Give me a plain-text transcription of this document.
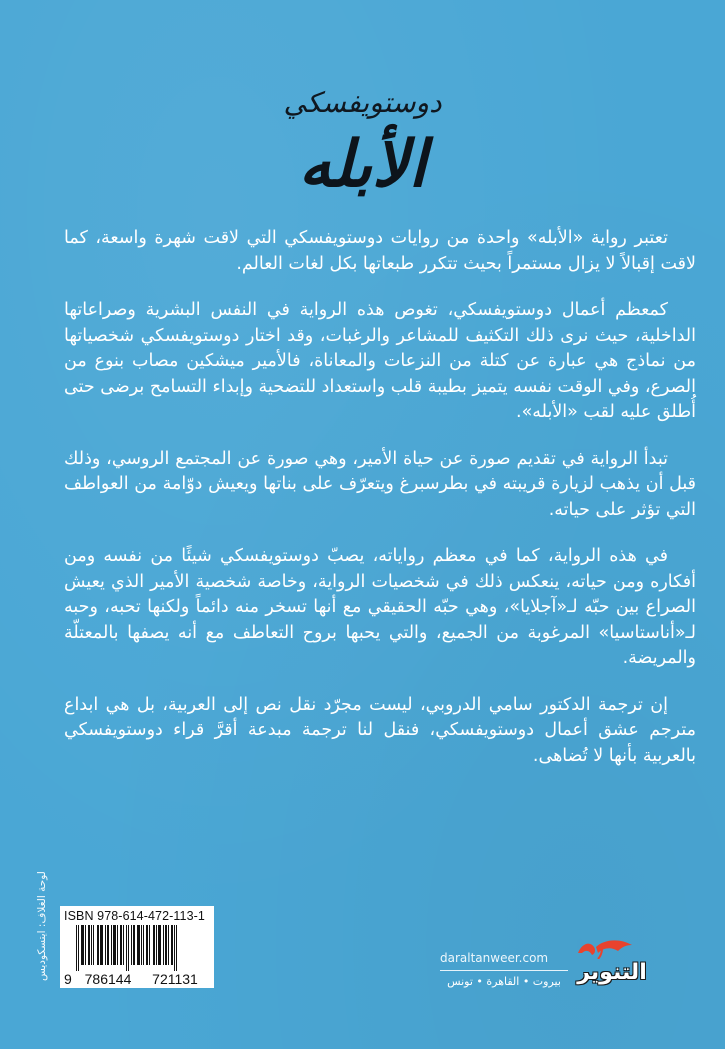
دوستويفسكي
الأبله

تعتبر رواية «الأبله» واحدة من روايات دوستويفسكي التي لاقت شهرة واسعة، كما لاقت إقبالاً لا يزال مستمراً بحيث تتكرر طبعاتها بكل لغات العالم.

كمعظم أعمال دوستويفسكي، تغوص هذه الرواية في النفس البشرية وصراعاتها الداخلية، حيث نرى ذلك التكثيف للمشاعر والرغبات، وقد اختار دوستويفسكي شخصياتها من نماذج هي عبارة عن كتلة من النزعات والمعاناة، فالأمير ميشكين مصاب بنوع من الصرع، وفي الوقت نفسه يتميز بطيبة قلب واستعداد للتضحية وإبداء التسامح برضى حتى أُطلق عليه لقب «الأبله».

تبدأ الرواية في تقديم صورة عن حياة الأمير، وهي صورة عن المجتمع الروسي، وذلك قبل أن يذهب لزيارة قريبته في بطرسبرغ ويتعرّف على بناتها ويعيش دوّامة من العواطف التي تؤثر على حياته.

في هذه الرواية، كما في معظم رواياته، يصبّ دوستويفسكي شيئًا من نفسه ومن أفكاره ومن حياته، ينعكس ذلك في شخصيات الرواية، وخاصة شخصية الأمير الذي يعيش الصراع بين حبّه لـ«آجلايا»، وهي حبّه الحقيقي مع أنها تسخر منه دائماً ولكنها تحبه، وحبه لـ«أناستاسيا» المرغوبة من الجميع، والتي يحبها بروح التعاطف مع أنه يصفها بالمعتلّة والمريضة.

إن ترجمة الدكتور سامي الدروبي، ليست مجرّد نقل نص إلى العربية، بل هي ابداع مترجم عشق أعمال دوستويفسكي، فنقل لنا ترجمة مبدعة أقرَّ قراء دوستويفسكي بالعربية بأنها لا تُضاهى.

لوحة الغلاف: ايتسكوديس	ISBN 978-614-472-113-1
9 786144	721131
daraltanweer.com
بيروت • القاهرة • تونس التنوير
